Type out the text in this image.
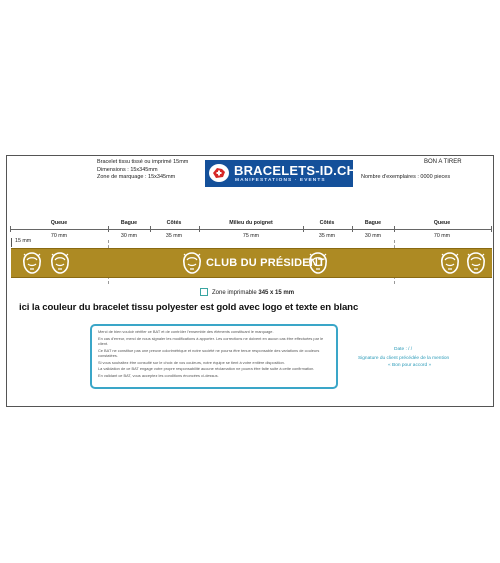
Bracelet tissu tissé ou imprimé 15mm
Dimensions : 15x345mm
Zone de marquage : 15x345mm	BRACELETS-ID.CH
MANIFESTATIONS · EVENTS
BON A TIRER
Nombre d'exemplaires : 0000 pieces
Queue
70 mm
Bague
30 mm
Côtés
35 mm
Milieu du poignet
75 mm
Côtés
35 mm
Bague
30 mm
Queue
70 mm
15 mm
CLUB DU PRÉSIDENT
Zone imprimable 345 x 15 mm
ici la couleur du bracelet tissu polyester est gold avec logo et texte en blanc

Merci de bien vouloir vérifier ce BAT et de contrôler l'ensemble des éléments constituant le marquage.

En cas d'erreur, merci de nous signaler les modifications à apporter. Les corrections ne doivent en aucun cas être effectuées par le client.

Ce BAT ne constitue pas une preuve colorimétrique et notre société ne pourra être tenue responsable des variations de couleurs constatées.

Si vous souhaitez être consulté sur le choix de vos couleurs, notre équipe se tient à votre entière disposition.

La validation de ce BAT engage votre propre responsabilité aucune réclamation ne pourra être faite suite à cette confirmation.

En validant ce BAT, vous acceptez les conditions énoncées ci-dessus.

Date : / /
Signature du client précédée de la mention
« Bon pour accord »
